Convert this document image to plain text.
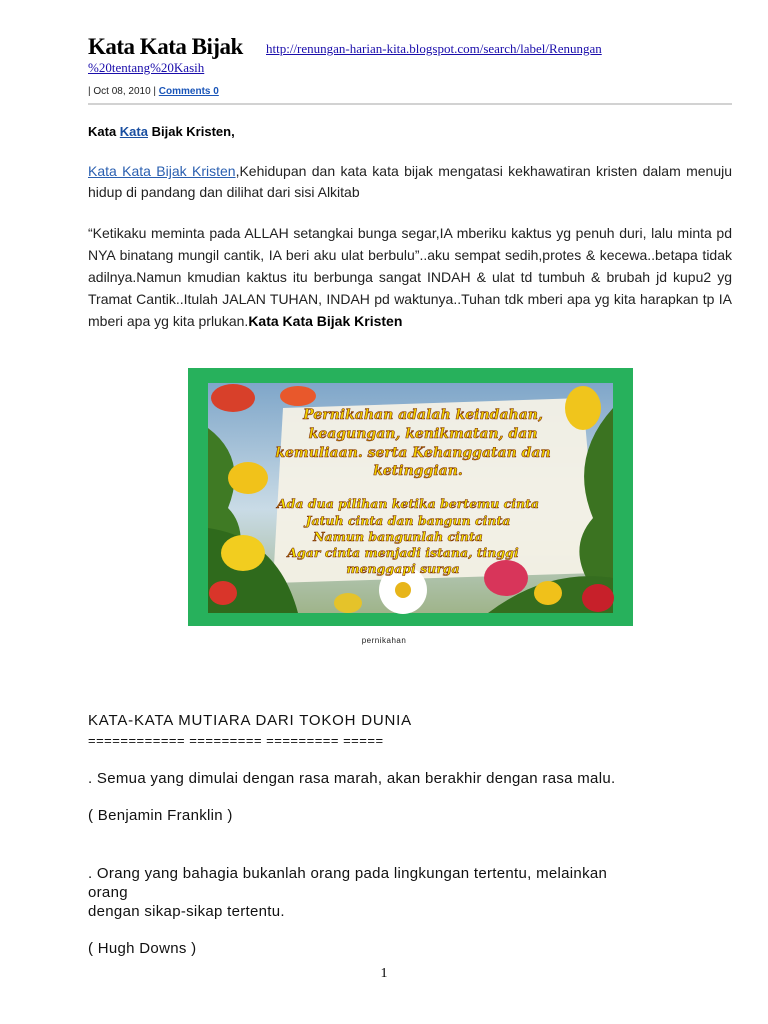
Kata Kata Bijak http://renungan-harian-kita.blogspot.com/search/label/Renungan
%20tentang%20Kasih
| Oct 08, 2010 | Comments 0
Kata Kata Bijak Kristen,
Kata Kata Bijak Kristen,Kehidupan dan kata kata bijak mengatasi kekhawatiran kristen dalam menuju hidup di pandang dan dilihat dari sisi Alkitab
“Ketikaku meminta pada ALLAH setangkai bunga segar,IA mberiku kaktus yg penuh duri, lalu minta pd NYA binatang mungil cantik, IA beri aku ulat berbulu”..aku sempat sedih,protes & kecewa..betapa tidak adilnya.Namun kmudian kaktus itu berbunga sangat INDAH & ulat td tumbuh & brubah jd kupu2 yg Tramat Cantik..Itulah JALAN TUHAN, INDAH pd waktunya..Tuhan tdk mberi apa yg kita harapkan tp IA mberi apa yg kita prlukan.Kata Kata Bijak Kristen
Pernikahan adalah keindahan,
keagungan, kenikmatan, dan
kemuliaan. serta Kehanggatan dan
ketinggian.
Ada dua pilihan ketika bertemu cinta
Jatuh cinta dan bangun cinta
Namun bangunlah cinta
Agar cinta menjadi istana, tinggi
menggapi surga
pernikahan
KATA-KATA MUTIARA DARI TOKOH DUNIA
============ ========= ========= =====
. Semua yang dimulai dengan rasa marah, akan berakhir dengan rasa malu.
( Benjamin Franklin )
. Orang yang bahagia bukanlah orang pada lingkungan tertentu, melainkan
orang
dengan sikap-sikap tertentu.
( Hugh Downs )
1
